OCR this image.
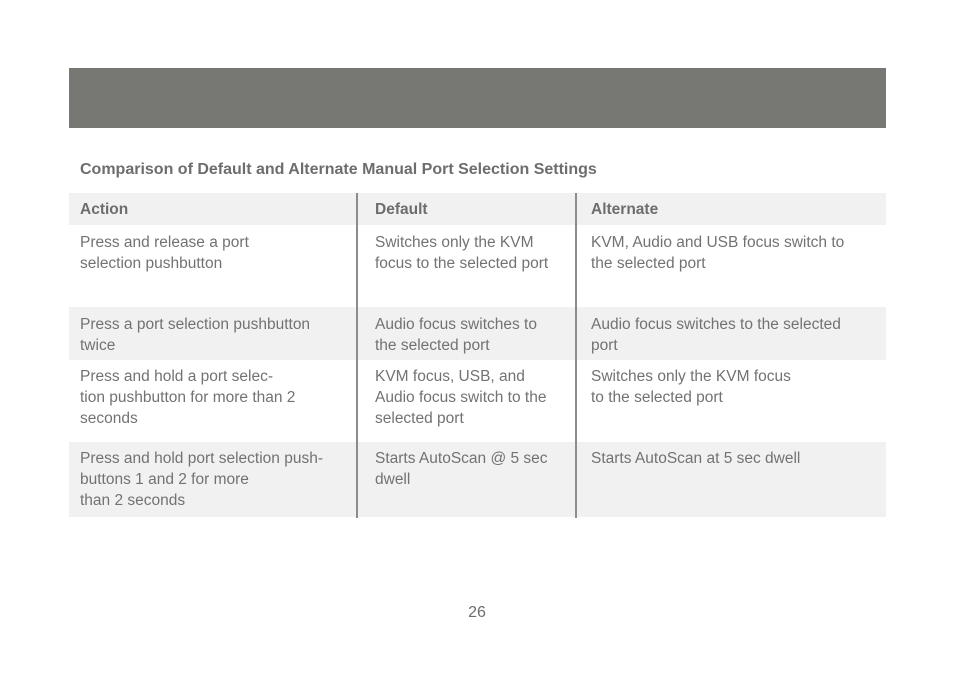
Comparison of Default and Alternate Manual Port Selection Settings
Action	Default	Alternate
Press and release a port
selection pushbutton
Switches only the KVM
focus to the selected port
KVM, Audio and USB focus switch to
the selected port
Press a port selection pushbutton
twice
Audio focus switches to
the selected port
Audio focus switches to the selected
port
Press and hold a port selec-
tion pushbutton for more than 2
seconds
KVM focus, USB, and
Audio focus switch to the
selected port
Switches only the KVM focus
to the selected port
Press and hold port selection push-
buttons 1 and 2 for more
than 2 seconds
Starts AutoScan @ 5 sec
dwell
Starts AutoScan at 5 sec dwell
26
